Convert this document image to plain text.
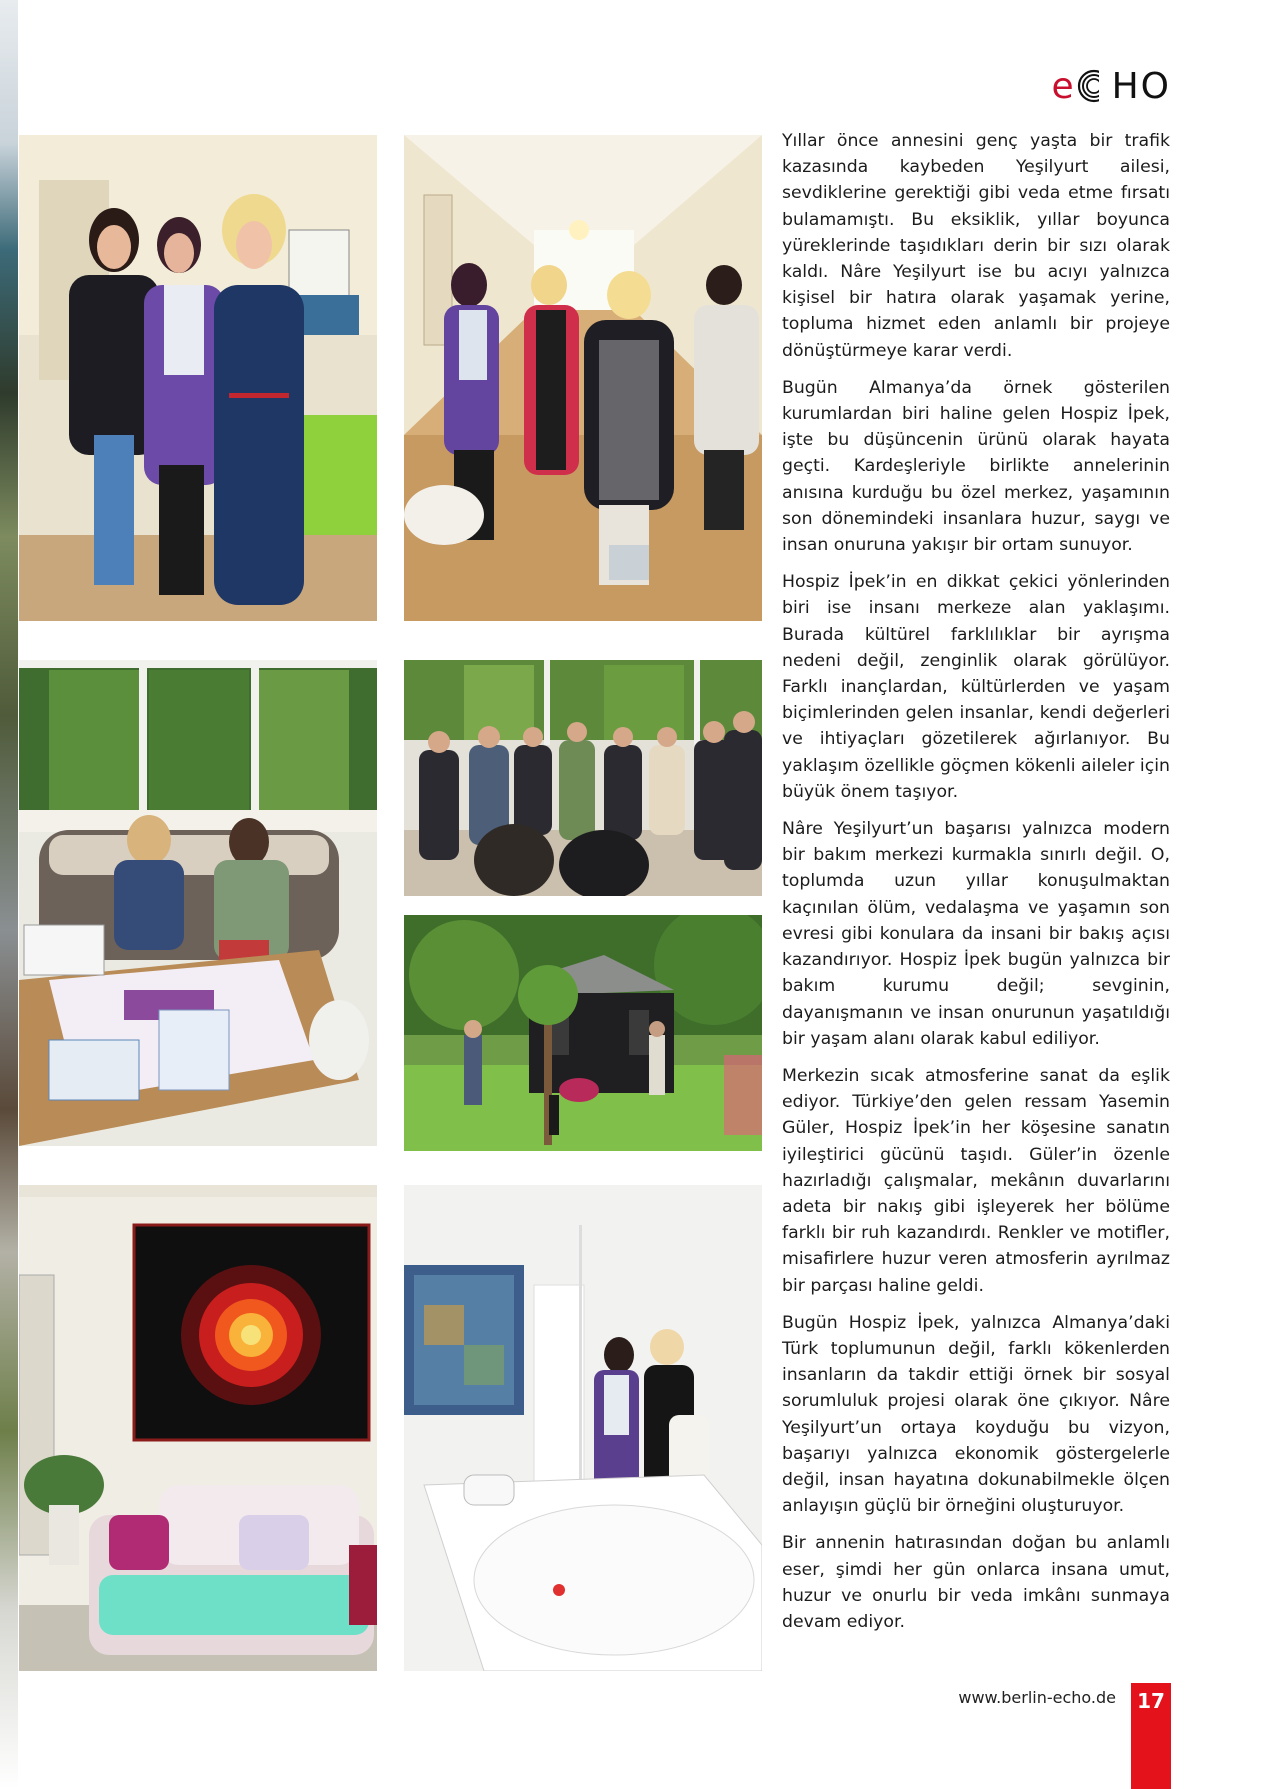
e HO

Yıllar önce annesini genç yaşta bir trafik kazasında kaybeden Yeşilyurt ailesi, sevdiklerine gerektiği gibi veda etme fırsatı bulamamıştı. Bu eksiklik, yıllar boyunca yüreklerinde taşıdıkları derin bir sızı olarak kaldı. Nâre Yeşilyurt ise bu acıyı yalnızca kişisel bir hatıra olarak yaşamak yerine, topluma hizmet eden anlamlı bir projeye dönüştürmeye karar verdi.

Bugün Almanya’da örnek gösterilen kurumlardan biri haline gelen Hospiz İpek, işte bu düşüncenin ürünü olarak hayata geçti. Kardeşleriyle birlikte annelerinin anısına kurduğu bu özel merkez, yaşamının son dönemindeki insanlara huzur, saygı ve insan onuruna yakışır bir ortam sunuyor.

Hospiz İpek’in en dikkat çekici yönlerinden biri ise insanı merkeze alan yaklaşımı. Burada kültürel farklılıklar bir ayrışma nedeni değil, zenginlik olarak görülüyor. Farklı inançlardan, kültürlerden ve yaşam biçimlerinden gelen insanlar, kendi değerleri ve ihtiyaçları gözetilerek ağırlanıyor. Bu yaklaşım özellikle göçmen kökenli aileler için büyük önem taşıyor.

Nâre Yeşilyurt’un başarısı yalnızca modern bir bakım merkezi kurmakla sınırlı değil. O, toplumda uzun yıllar konuşulmaktan kaçınılan ölüm, vedalaşma ve yaşamın son evresi gibi konulara da insani bir bakış açısı kazandırıyor. Hospiz İpek bugün yalnızca bir bakım kurumu değil; sevginin, dayanışmanın ve insan onurunun yaşatıldığı bir yaşam alanı olarak kabul ediliyor.

Merkezin sıcak atmosferine sanat da eşlik ediyor. Türkiye’den gelen ressam Yasemin Güler, Hospiz İpek’in her köşesine sanatın iyileştirici gücünü taşıdı. Güler’in özenle hazırladığı çalışmalar, mekânın duvarlarını adeta bir nakış gibi işleyerek her bölüme farklı bir ruh kazandırdı. Renkler ve motifler, misafirlere huzur veren atmosferin ayrılmaz bir parçası haline geldi.

Bugün Hospiz İpek, yalnızca Almanya’daki Türk toplumunun değil, farklı kökenlerden insanların da takdir ettiği örnek bir sosyal sorumluluk projesi olarak öne çıkıyor. Nâre Yeşilyurt’un ortaya koyduğu bu vizyon, başarıyı yalnızca ekonomik göstergelerle değil, insan hayatına dokunabilmekle ölçen anlayışın güçlü bir örneğini oluşturuyor.

Bir annenin hatırasından doğan bu anlamlı eser, şimdi her gün onlarca insana umut, huzur ve onurlu bir veda imkânı sunmaya devam ediyor.

www.berlin-echo.de	17
